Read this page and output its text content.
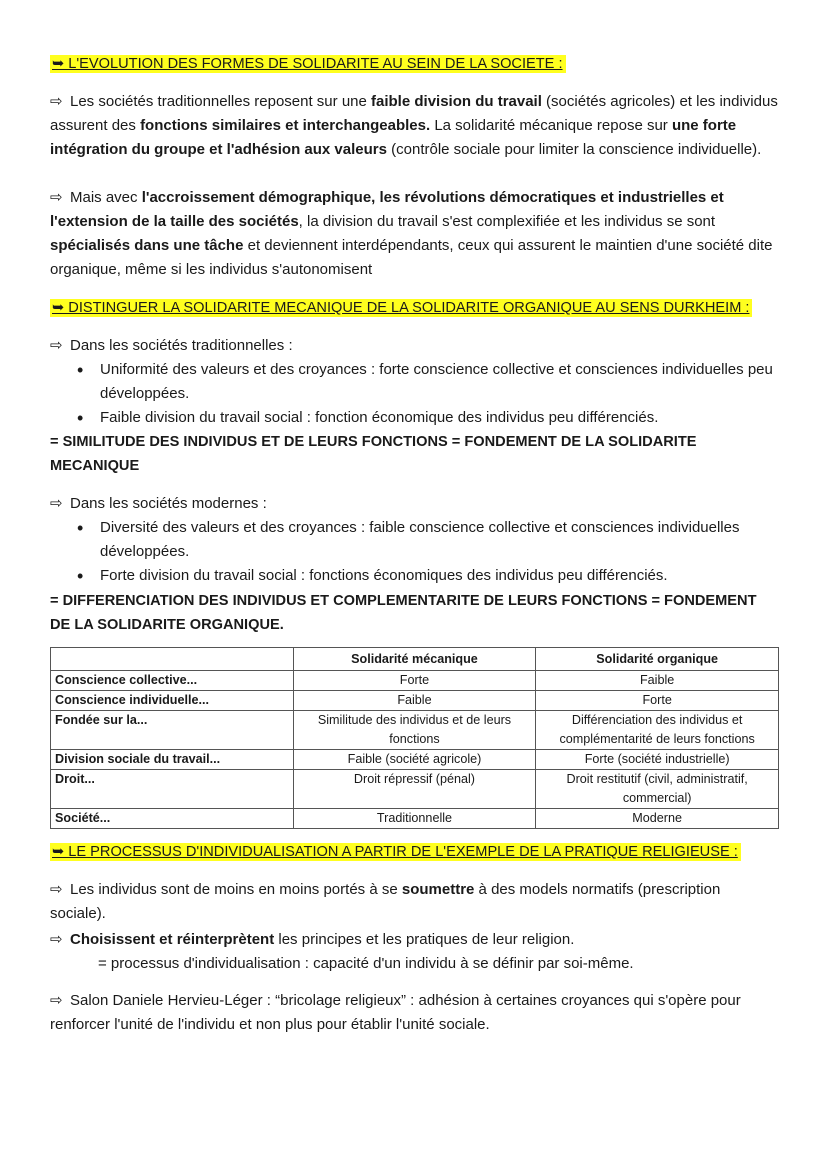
➥ L'EVOLUTION DES FORMES DE SOLIDARITE AU SEIN DE LA SOCIETE :
⇨ Les sociétés traditionnelles reposent sur une faible division du travail (sociétés agricoles) et les individus assurent des fonctions similaires et interchangeables. La solidarité mécanique repose sur une forte intégration du groupe et l'adhésion aux valeurs (contrôle sociale pour limiter la conscience individuelle).
⇨ Mais avec l'accroissement démographique, les révolutions démocratiques et industrielles et l'extension de la taille des sociétés, la division du travail s'est complexifiée et les individus se sont spécialisés dans une tâche et deviennent interdépendants, ceux qui assurent le maintien d'une société dite organique, même si les individus s'autonomisent
➥ DISTINGUER LA SOLIDARITE MECANIQUE DE LA SOLIDARITE ORGANIQUE AU SENS DURKHEIM :
⇨ Dans les sociétés traditionnelles :
• Uniformité des valeurs et des croyances : forte conscience collective et consciences individuelles peu développées.
• Faible division du travail social : fonction économique des individus peu différenciés.
= SIMILITUDE DES INDIVIDUS ET DE LEURS FONCTIONS = FONDEMENT DE LA SOLIDARITE MECANIQUE
⇨ Dans les sociétés modernes :
• Diversité des valeurs et des croyances : faible conscience collective et consciences individuelles développées.
• Forte division du travail social : fonctions économiques des individus peu différenciés.
= DIFFERENCIATION DES INDIVIDUS ET COMPLEMENTARITE DE LEURS FONCTIONS = FONDEMENT DE LA SOLIDARITE ORGANIQUE.
	Solidarité mécanique	Solidarité organique
Conscience collective...	Forte	Faible
Conscience individuelle...	Faible	Forte
Fondée sur la...	Similitude des individus et de leurs fonctions	Différenciation des individus et complémentarité de leurs fonctions
Division sociale du travail...	Faible (société agricole)	Forte (société industrielle)
Droit...	Droit répressif (pénal)	Droit restitutif (civil, administratif, commercial)
Société...	Traditionnelle	Moderne
➥ LE PROCESSUS D'INDIVIDUALISATION A PARTIR DE L'EXEMPLE DE LA PRATIQUE RELIGIEUSE :
⇨ Les individus sont de moins en moins portés à se soumettre à des models normatifs (prescription sociale).
⇨ Choisissent et réinterprètent les principes et les pratiques de leur religion.
= processus d'individualisation : capacité d'un individu à se définir par soi-même.
⇨ Salon Daniele Hervieu-Léger : “bricolage religieux” : adhésion à certaines croyances qui s'opère pour renforcer l'unité de l'individu et non plus pour établir l'unité sociale.
